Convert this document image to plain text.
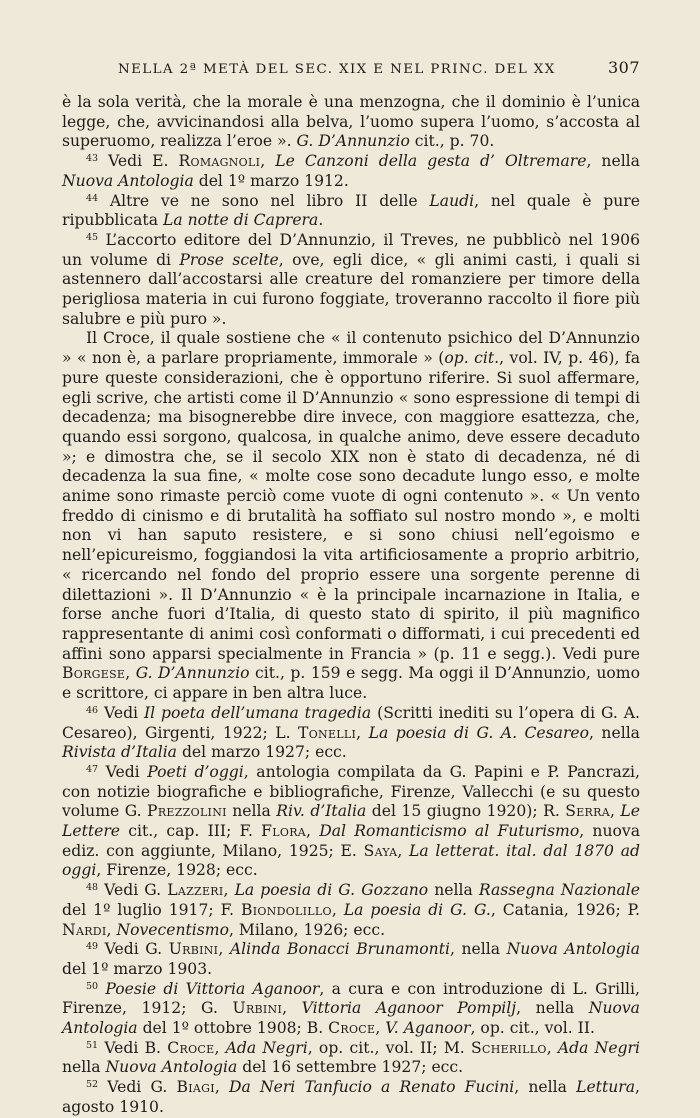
NELLA 2ª METÀ DEL SEC. XIX E NEL PRINC. DEL XX	307

è la sola verità, che la morale è una menzogna, che il dominio è l’unica legge, che, avvicinandosi alla belva, l’uomo supera l’uomo, s’accosta al superuomo, realizza l’eroe ». G. D’Annunzio cit., p. 70.

$^{43}$ Vedi E. Romagnoli, Le Canzoni della gesta d’ Oltremare, nella Nuova Antologia del 1º marzo 1912.

$^{44}$ Altre ve ne sono nel libro II delle Laudi, nel quale è pure ripubblicata La notte di Caprera.

$^{45}$ L’accorto editore del D’Annunzio, il Treves, ne pubblicò nel 1906 un volume di Prose scelte, ove, egli dice, « gli animi casti, i quali si astennero dall’accostarsi alle creature del romanziere per timore della perigliosa materia in cui furono foggiate, troveranno raccolto il fiore più salubre e più puro ».

Il Croce, il quale sostiene che « il contenuto psichico del D’Annunzio » « non è, a parlare propriamente, immorale » (op. cit., vol. IV, p. 46), fa pure queste considerazioni, che è opportuno riferire. Si suol affermare, egli scrive, che artisti come il D’Annunzio « sono espressione di tempi di decadenza; ma bisognerebbe dire invece, con maggiore esattezza, che, quando essi sorgono, qualcosa, in qualche animo, deve essere decaduto »; e dimostra che, se il secolo XIX non è stato di decadenza, né di decadenza la sua fine, « molte cose sono decadute lungo esso, e molte anime sono rimaste perciò come vuote di ogni contenuto ». « Un vento freddo di cinismo e di brutalità ha soffiato sul nostro mondo », e molti non vi han saputo resistere, e si sono chiusi nell’egoismo e nell’epicureismo, foggiandosi la vita artificiosamente a proprio arbitrio, « ricercando nel fondo del proprio essere una sorgente perenne di dilettazioni ». Il D’Annunzio « è la principale incarnazione in Italia, e forse anche fuori d’Italia, di questo stato di spirito, il più magnifico rappresentante di animi così conformati o difformati, i cui precedenti ed affini sono apparsi specialmente in Francia » (p. 11 e segg.). Vedi pure Borgese, G. D’Annunzio cit., p. 159 e segg. Ma oggi il D’Annunzio, uomo e scrittore, ci appare in ben altra luce.

$^{46}$ Vedi Il poeta dell’umana tragedia (Scritti inediti su l’opera di G. A. Cesareo), Girgenti, 1922; L. Tonelli, La poesia di G. A. Cesareo, nella Rivista d’Italia del marzo 1927; ecc.

$^{47}$ Vedi Poeti d’oggi, antologia compilata da G. Papini e P. Pancrazi, con notizie biografiche e bibliografiche, Firenze, Vallecchi (e su questo volume G. Prezzolini nella Riv. d’Italia del 15 giugno 1920); R. Serra, Le Lettere cit., cap. III; F. Flora, Dal Romanticismo al Futurismo, nuova ediz. con aggiunte, Milano, 1925; E. Saya, La letterat. ital. dal 1870 ad oggi, Firenze, 1928; ecc.

$^{48}$ Vedi G. Lazzeri, La poesia di G. Gozzano nella Rassegna Nazionale del 1º luglio 1917; F. Biondolillo, La poesia di G. G., Catania, 1926; P. Nardi, Novecentismo, Milano, 1926; ecc.

$^{49}$ Vedi G. Urbini, Alinda Bonacci Brunamonti, nella Nuova Antologia del 1º marzo 1903.

$^{50}$ Poesie di Vittoria Aganoor, a cura e con introduzione di L. Grilli, Firenze, 1912; G. Urbini, Vittoria Aganoor Pompilj, nella Nuova Antologia del 1º ottobre 1908; B. Croce, V. Aganoor, op. cit., vol. II.

$^{51}$ Vedi B. Croce, Ada Negri, op. cit., vol. II; M. Scherillo, Ada Negri nella Nuova Antologia del 16 settembre 1927; ecc.

$^{52}$ Vedi G. Biagi, Da Neri Tanfucio a Renato Fucini, nella Lettura, agosto 1910.
